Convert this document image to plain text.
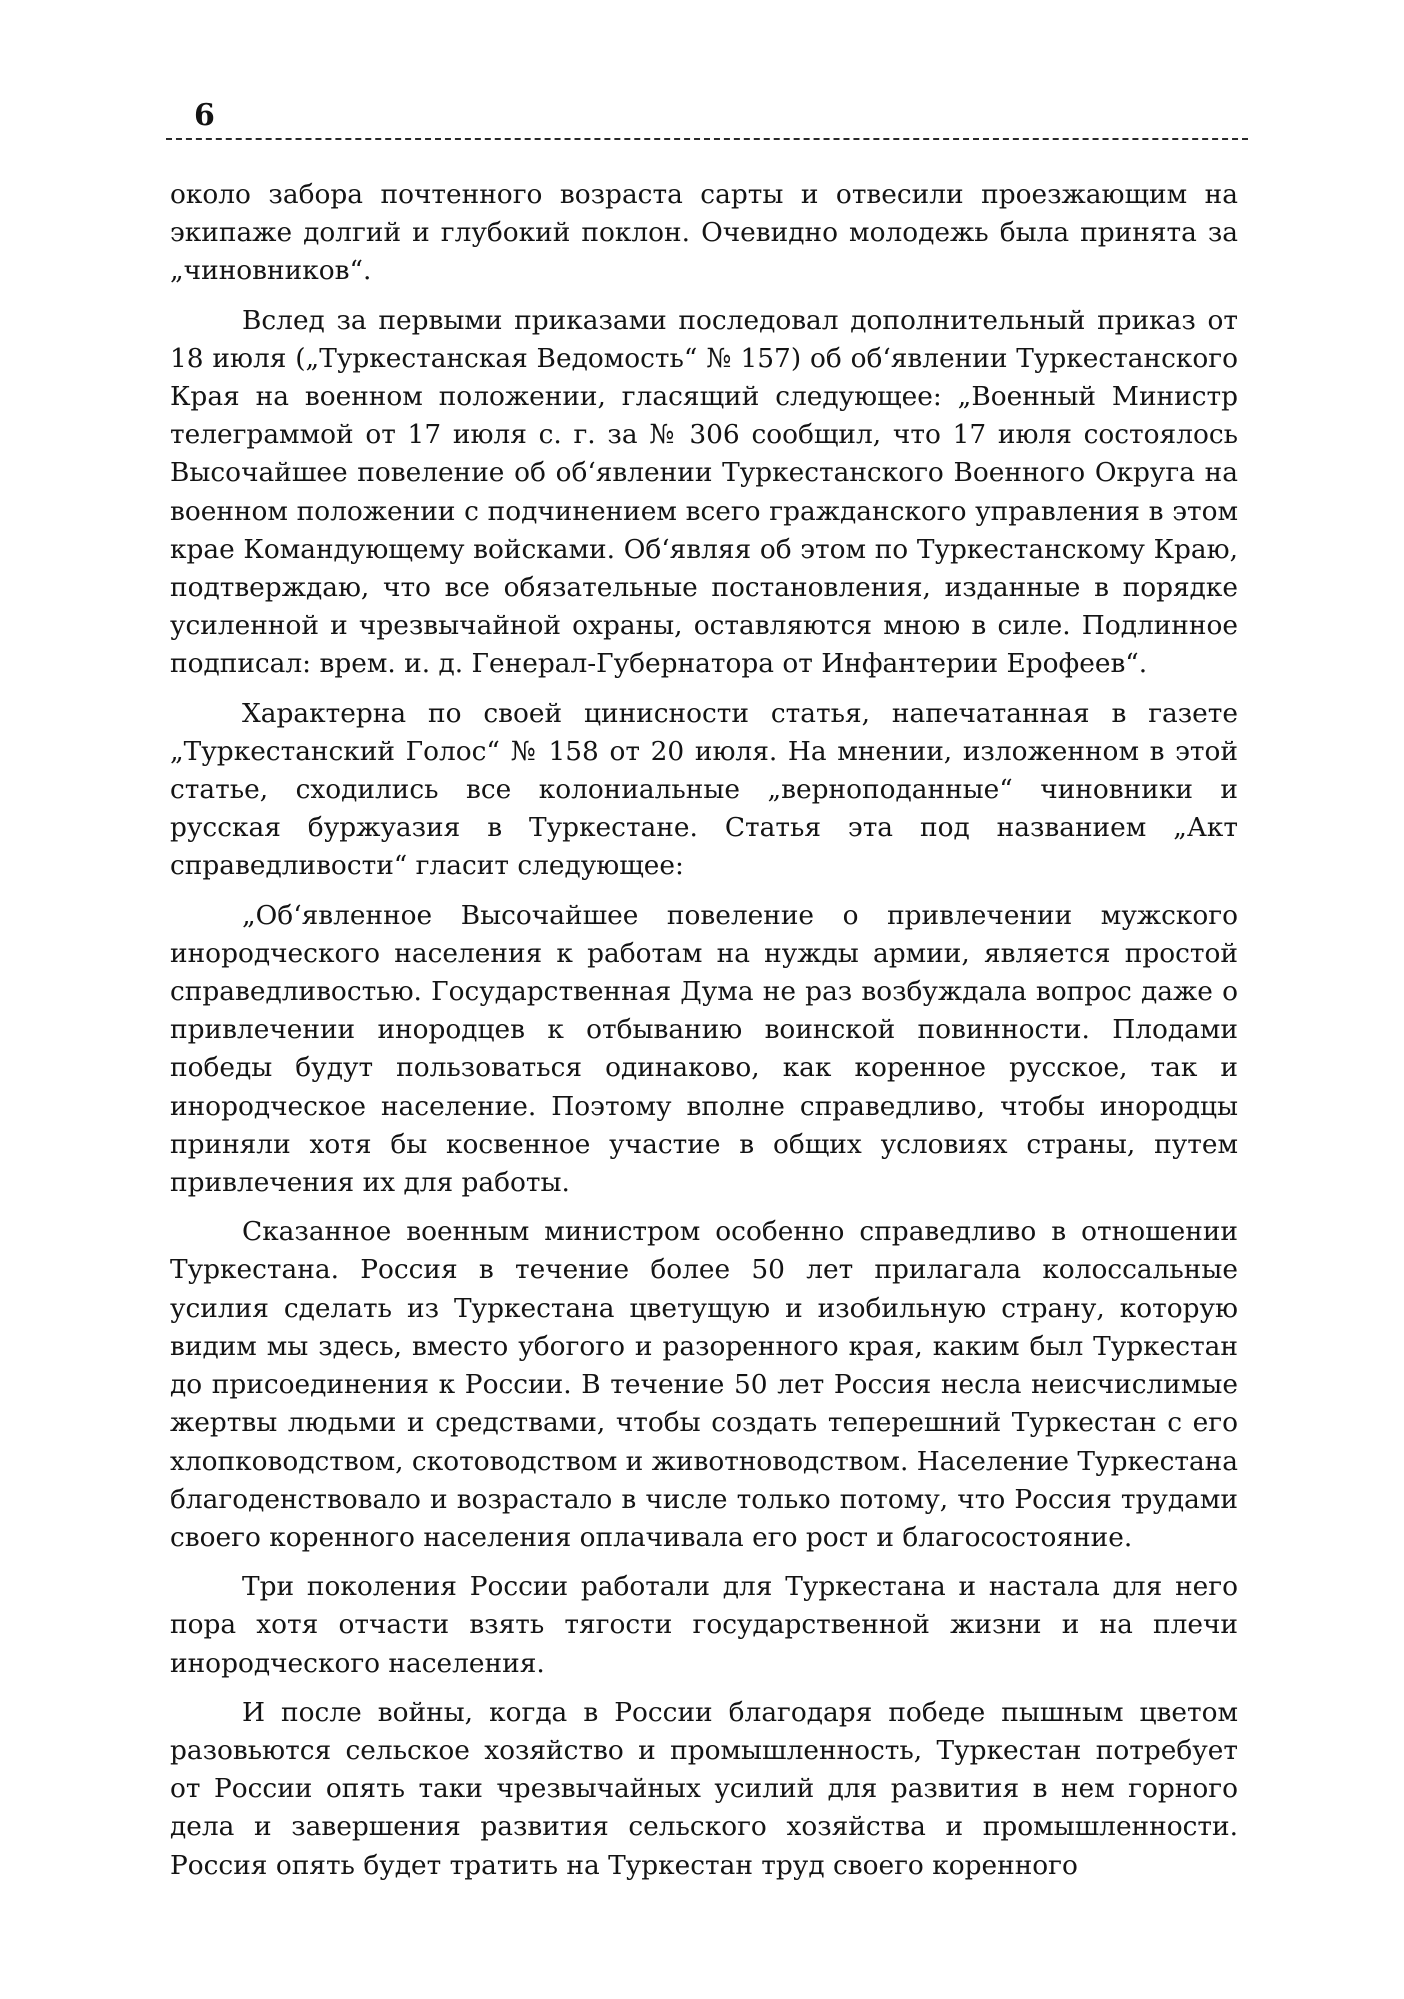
6

около забора почтенного возраста сарты и отвесили проезжающим на экипаже долгий и глубокий поклон. Очевидно молодежь была принята за „чиновников“.

Вслед за первыми приказами последовал дополнительный приказ от 18 июля („Туркестанская Ведомость“ № 157) об об‘явлении Туркестанского Края на военном положении, гласящий следующее: „Военный Министр телеграммой от 17 июля с. г. за № 306 сообщил, что 17 июля состоялось Высочайшее повеление об об‘явлении Туркестанского Военного Округа на военном положении с подчинением всего гражданского управления в этом крае Командующему войсками. Об‘являя об этом по Туркестанскому Краю, подтверждаю, что все обязательные постановления, изданные в порядке усиленной и чрезвычайной охраны, оставляются мною в силе. Подлинное подписал: врем. и. д. Генерал-Губернатора от Инфантерии Ерофеев“.

Характерна по своей цинисности статья, напечатанная в газете „Туркестанский Голос“ № 158 от 20 июля. На мнении, изложенном в этой статье, сходились все колониальные „верноподанные“ чиновники и русская буржуазия в Туркестане. Статья эта под названием „Акт справедливости“ гласит следующее:

„Об‘явленное Высочайшее повеление о привлечении мужского инородческого населения к работам на нужды армии, является простой справедливостью. Государственная Дума не раз возбуждала вопрос даже о привлечении инородцев к отбыванию воинской повинности. Плодами победы будут пользоваться одинаково, как коренное русское, так и инородческое население. Поэтому вполне справедливо, чтобы инородцы приняли хотя бы косвенное участие в общих условиях страны, путем привлечения их для работы.

Сказанное военным министром особенно справедливо в отношении Туркестана. Россия в течение более 50 лет прилагала колоссальные усилия сделать из Туркестана цветущую и изобильную страну, которую видим мы здесь, вместо убогого и разоренного края, каким был Туркестан до присоединения к России. В течение 50 лет Россия несла неисчислимые жертвы людьми и средствами, чтобы создать теперешний Туркестан с его хлопководством, скотоводством и животноводством. Население Туркестана благоденствовало и возрастало в числе только потому, что Россия трудами своего коренного населения оплачивала его рост и благосостояние.

Три поколения России работали для Туркестана и настала для него пора хотя отчасти взять тягости государственной жизни и на плечи инородческого населения.

И после войны, когда в России благодаря победе пышным цветом разовьются сельское хозяйство и промышленность, Туркестан потребует от России опять таки чрезвычайных усилий для развития в нем горного дела и завершения развития сельского хозяйства и промышленности. Россия опять будет тратить на Туркестан труд своего коренного
